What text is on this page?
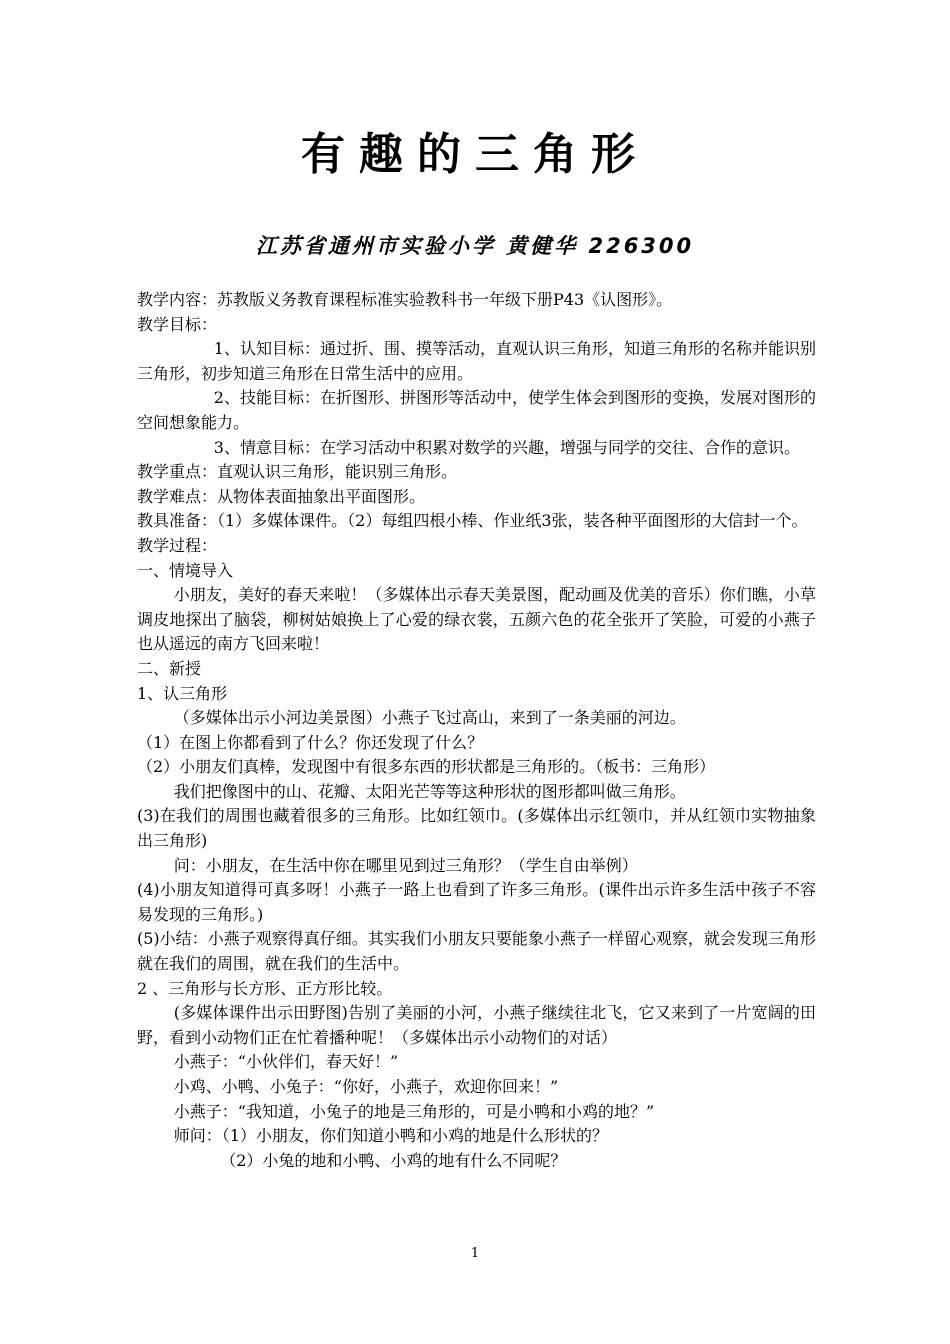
有趣的三角形
江苏省通州市实验小学 黄健华 226300

教学内容：苏教版义务教育课程标准实验教科书一年级下册P43《认图形》。

教学目标：

1、认知目标：通过折、围、摸等活动，直观认识三角形，知道三角形的名称并能识别三角形，初步知道三角形在日常生活中的应用。

2、技能目标：在折图形、拼图形等活动中，使学生体会到图形的变换，发展对图形的空间想象能力。

3、情意目标：在学习活动中积累对数学的兴趣，增强与同学的交往、合作的意识。

教学重点：直观认识三角形，能识别三角形。

教学难点：从物体表面抽象出平面图形。

教具准备：（1）多媒体课件。（2）每组四根小棒、作业纸3张，装各种平面图形的大信封一个。

教学过程：

一、情境导入

小朋友，美好的春天来啦！（多媒体出示春天美景图，配动画及优美的音乐）你们瞧，小草调皮地探出了脑袋，柳树姑娘换上了心爱的绿衣裳，五颜六色的花全张开了笑脸，可爱的小燕子也从遥远的南方飞回来啦！

二、新授

1、认三角形

（多媒体出示小河边美景图）小燕子飞过高山，来到了一条美丽的河边。

（1）在图上你都看到了什么？你还发现了什么？

（2）小朋友们真棒，发现图中有很多东西的形状都是三角形的。（板书：三角形）

我们把像图中的山、花瓣、太阳光芒等等这种形状的图形都叫做三角形。

(3)在我们的周围也藏着很多的三角形。比如红领巾。(多媒体出示红领巾，并从红领巾实物抽象出三角形)

问：小朋友，在生活中你在哪里见到过三角形？（学生自由举例）

(4)小朋友知道得可真多呀！小燕子一路上也看到了许多三角形。(课件出示许多生活中孩子不容易发现的三角形。)

(5)小结：小燕子观察得真仔细。其实我们小朋友只要能象小燕子一样留心观察，就会发现三角形就在我们的周围，就在我们的生活中。

2 、三角形与长方形、正方形比较。

(多媒体课件出示田野图)告别了美丽的小河，小燕子继续往北飞，它又来到了一片宽阔的田野，看到小动物们正在忙着播种呢！（多媒体出示小动物们的对话）

小燕子：“小伙伴们，春天好！”

小鸡、小鸭、小兔子：“你好，小燕子，欢迎你回来！”

小燕子：“我知道，小兔子的地是三角形的，可是小鸭和小鸡的地？”

师问：（1）小朋友，你们知道小鸭和小鸡的地是什么形状的？

（2）小兔的地和小鸭、小鸡的地有什么不同呢？

1
